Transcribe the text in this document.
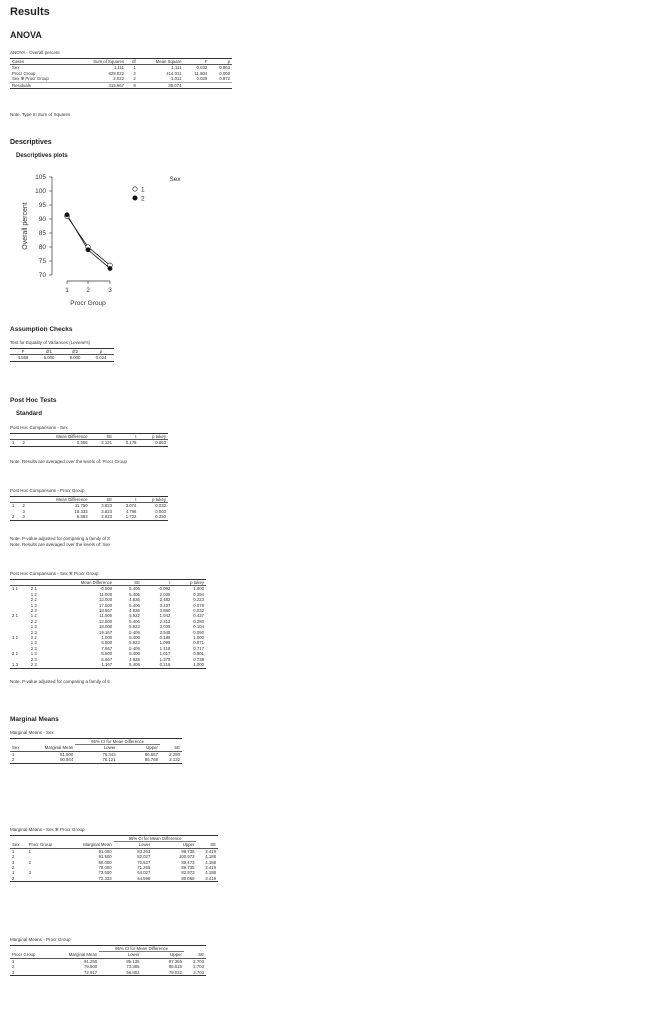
Results
ANOVA
ANOVA - Overall percent
Cases	Sum of Squares	df	Mean Square	F	p
Sex	1.111	1	1.111	0.032	0.863
Procr Group	828.022	2	414.011	11.804	0.003
Sex ✻ Procr Group	2.022	2	1.011	0.029	0.972
Residuals	315.667	9	35.074		
Note. Type III Sum of Squares
Descriptives
Descriptives plots
105
100
95
90
85
80
75
70
1	2	3
Procr Group
Overall percent
Sex
1
2
Assumption Checks
Test for Equality of Variances (Levene's)
F	df1	df2	p
4.568	5.000	9.000	0.024
Post Hoc Tests
Standard
Post Hoc Comparisons - Sex
		Mean Difference	SE	t	p tukey
1	2	0.556	3.121	0.178	0.863
Note. Results are averaged over the levels of: Procr Group
Post Hoc Comparisons - Procr Group
		Mean Difference	SE	t	p tukey
1	2	11.750	3.823	3.074	0.032
	3	18.333	3.823	4.796	0.003
2	3	6.583	3.823	1.722	0.250
Note. P-value adjusted for comparing a family of 3
Note. Results are averaged over the levels of: Sex
Post Hoc Comparisons - Sex ✻ Procr Group
		Mean Difference	SE	t	p tukey
1 1	2 1	-0.500	5.406	-0.092	1.000
	1 2	11.000	5.406	2.035	0.394
	2 2	12.000	4.836	2.482	0.223
	1 3	17.500	5.406	3.237	0.078
	2 3	18.667	4.836	3.860	0.032
2 1	1 2	11.500	5.922	1.942	0.437
	2 2	12.500	5.406	2.312	0.280
	1 3	18.000	5.922	3.039	0.104
	2 3	19.167	5.406	3.545	0.050
1 2	2 2	1.000	5.406	0.185	1.000
	1 3	6.500	5.922	1.098	0.871
	2 3	7.667	5.406	1.418	0.717
2 2	1 3	5.500	5.406	1.017	0.901
	2 3	6.667	4.836	1.379	0.738
1 3	2 3	1.167	5.406	0.216	1.000
Note. P-value adjusted for comparing a family of 6
Marginal Means
Marginal Means - Sex
		95% CI for Mean Difference		
Sex	Marginal Mean	Lower	Upper	SE
1	81.500	76.343	86.657	2.280
2	80.944	76.121	85.768	2.132
Marginal Means - Sex ✻ Procr Group
			95% CI for Mean Difference		
Sex	Procr Group	Marginal Mean	Lower	Upper	SE
1	1	91.000	83.263	98.736	3.419
2		91.500	82.027	100.973	4.188
1	2	80.000	70.527	89.473	4.188
2		79.000	71.265	86.735	3.419
1	3	73.500	64.027	82.973	4.188
2		72.333	64.598	80.068	3.419
Marginal Means - Procr Group
		95% CI for Mean Difference		
Procr Group	Marginal Mean	Lower	Upper	SE
1	91.250	85.135	97.365	2.703
2	79.500	73.385	85.615	2.703
3	72.917	66.802	79.032	2.703
